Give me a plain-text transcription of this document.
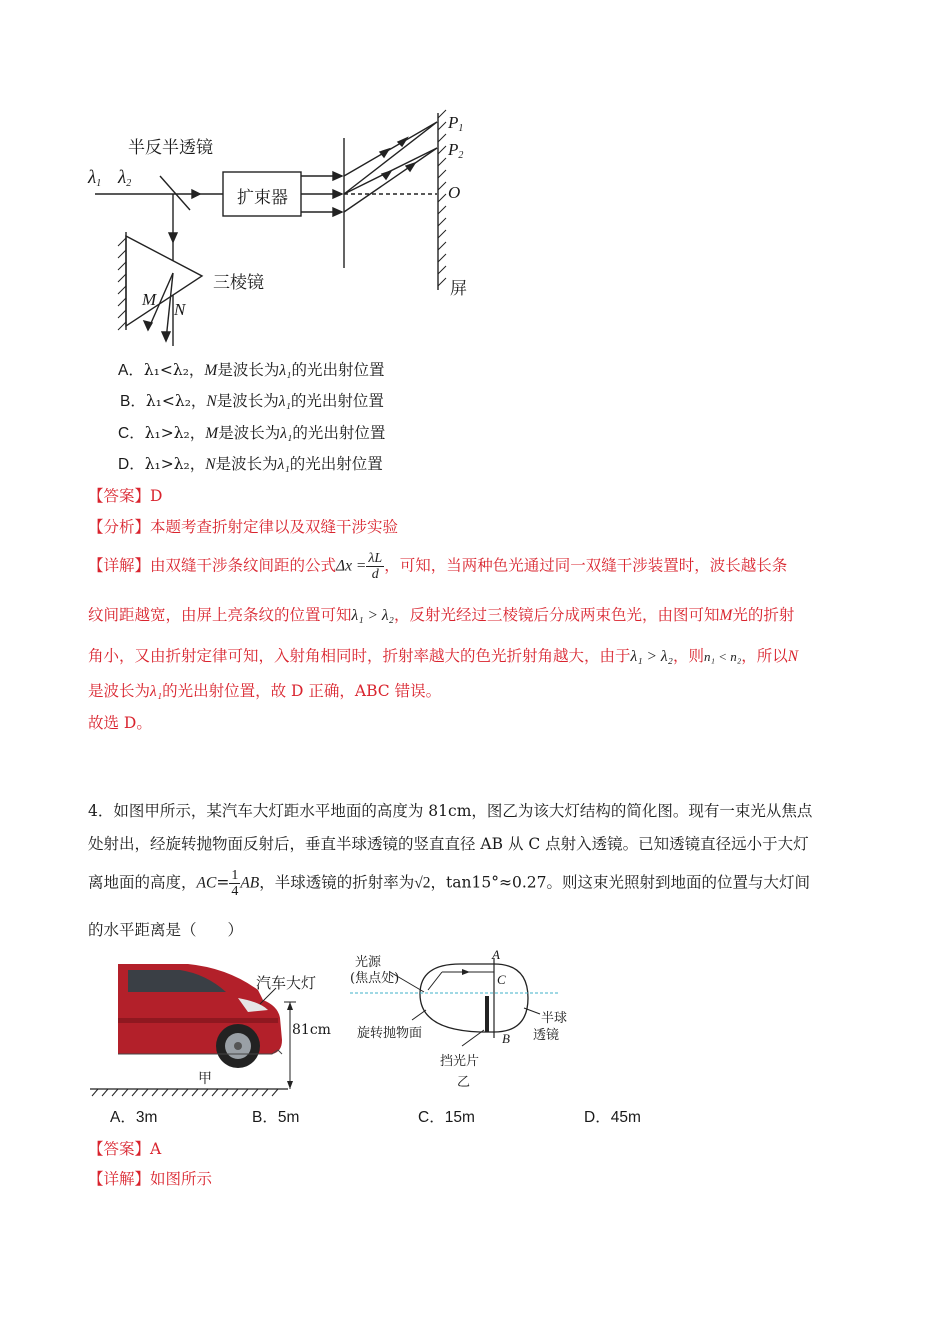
半反半透镜
$\lambda_1$ $\lambda_2$
扩束器
三棱镜
M
N
$P_1$
$P_2$
O
屏
A．λ₁<λ₂，M是波长为λ₁的光出射位置
B．λ₁<λ₂，N是波长为λ₁的光出射位置
C．λ₁>λ₂，M是波长为λ₁的光出射位置
D．λ₁>λ₂，N是波长为λ₁的光出射位置
【答案】D
【分析】本题考查折射定律以及双缝干涉实验
【详解】由双缝干涉条纹间距的公式$\Delta x = \frac{\lambda L}{d}$ ，可知，当两种色光通过同一双缝干涉装置时，波长越长条
纹间距越宽，由屏上亮条纹的位置可知λ₁ > λ₂，反射光经过三棱镜后分成两束色光，由图可知M光的折射
角小，又由折射定律可知，入射角相同时，折射率越大的色光折射角越大，由于λ₁ > λ₂，则n₁ < n₂，所以N
是波长为λ₁的光出射位置，故 D 正确，ABC 错误。
故选 D。
4．如图甲所示，某汽车大灯距水平地面的高度为 81cm，图乙为该大灯结构的简化图。现有一束光从焦点
处射出，经旋转抛物面反射后，垂直半球透镜的竖直直径 AB 从 C 点射入透镜。已知透镜直径远小于大灯
离地面的高度，$AC= \frac{1}{4}$ AB，半球透镜的折射率为√2，tan15°≈0.27。则这束光照射到地面的位置与大灯间
的水平距离是（　　）
汽车大灯
81cm
甲
光源
(焦点处)
A
C
B
旋转抛物面
半球
透镜
挡光片
乙
A．3m	B．5m	C．15m	D．45m
【答案】A
【详解】如图所示
